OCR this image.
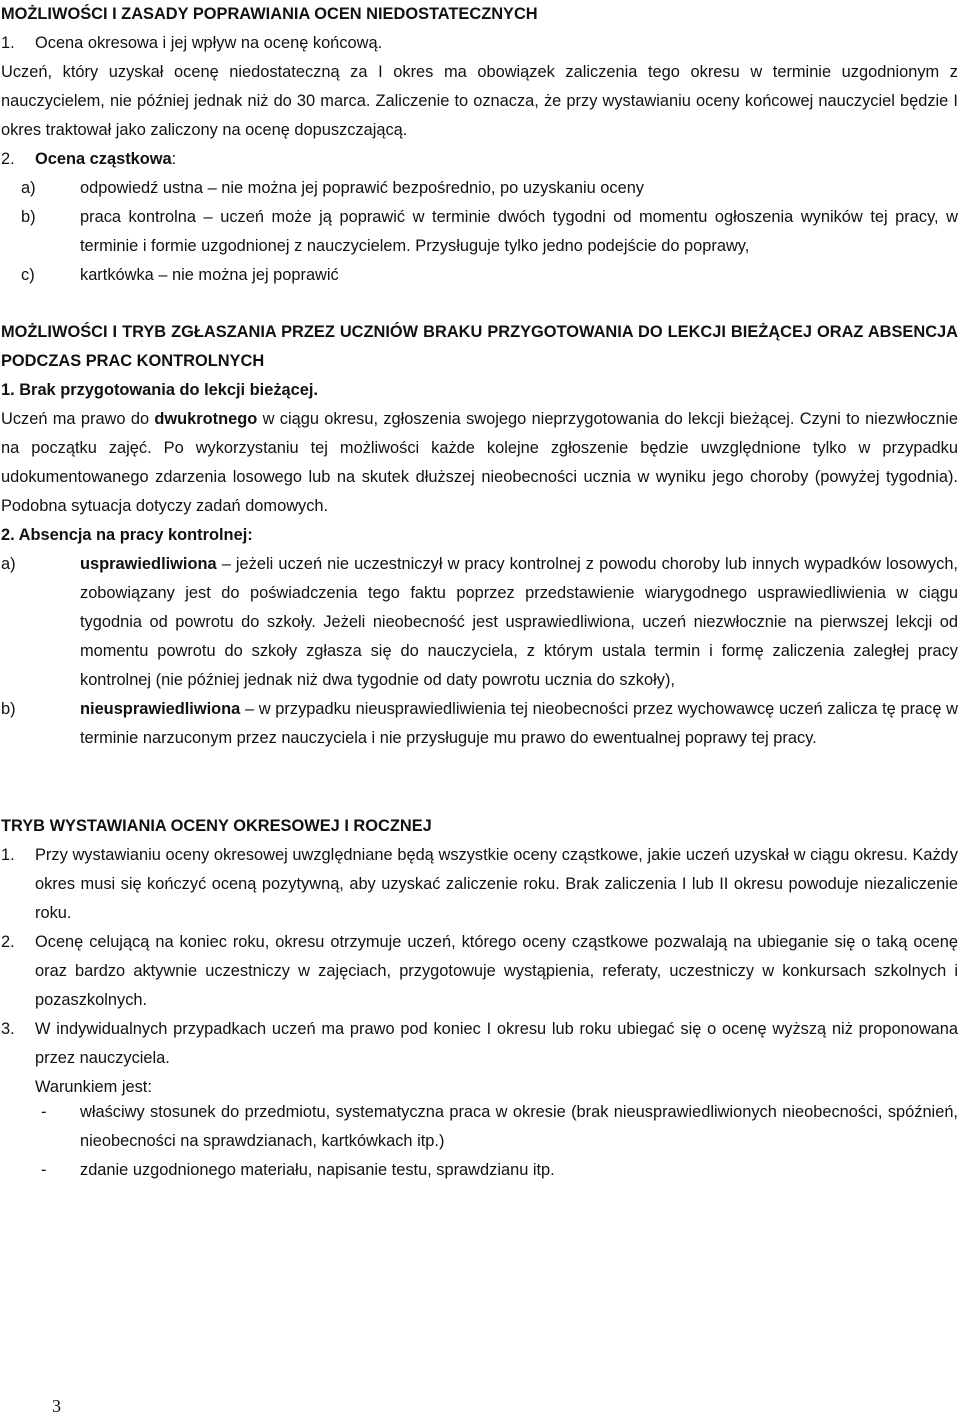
MOŻLIWOŚCI I ZASADY POPRAWIANIA OCEN NIEDOSTATECZNYCH

1. Ocena okresowa i jej wpływ na ocenę końcową.

Uczeń, który uzyskał ocenę niedostateczną za I okres ma obowiązek zaliczenia tego okresu w terminie uzgodnionym z nauczycielem, nie później jednak niż do 30 marca. Zaliczenie to oznacza, że przy wystawianiu oceny końcowej nauczyciel będzie I okres traktował jako zaliczony na ocenę dopuszczającą.

2. Ocena cząstkowa:

a)	odpowiedź ustna – nie można jej poprawić bezpośrednio, po uzyskaniu oceny

b)	praca kontrolna – uczeń może ją poprawić w terminie dwóch tygodni od momentu ogłoszenia wyników tej pracy, w terminie i formie uzgodnionej z nauczycielem. Przysługuje tylko jedno podejście do poprawy,

c)	kartkówka – nie można jej poprawić

MOŻLIWOŚCI I TRYB ZGŁASZANIA PRZEZ UCZNIÓW BRAKU PRZYGOTOWANIA DO LEKCJI BIEŻĄCEJ ORAZ ABSENCJA PODCZAS PRAC KONTROLNYCH

1. Brak przygotowania do lekcji bieżącej.

Uczeń ma prawo do dwukrotnego w ciągu okresu, zgłoszenia swojego nieprzygotowania do lekcji bieżącej. Czyni to niezwłocznie na początku zajęć. Po wykorzystaniu tej możliwości każde kolejne zgłoszenie będzie uwzględnione tylko w przypadku udokumentowanego zdarzenia losowego lub na skutek dłuższej nieobecności ucznia w wyniku jego choroby (powyżej tygodnia). Podobna sytuacja dotyczy zadań domowych.

2. Absencja na pracy kontrolnej:

a)	usprawiedliwiona – jeżeli uczeń nie uczestniczył w pracy kontrolnej z powodu choroby lub innych wypadków losowych, zobowiązany jest do poświadczenia tego faktu poprzez przedstawienie wiarygodnego usprawiedliwienia w ciągu tygodnia od powrotu do szkoły. Jeżeli nieobecność jest usprawiedliwiona, uczeń niezwłocznie na pierwszej lekcji od momentu powrotu do szkoły zgłasza się do nauczyciela, z którym ustala termin i formę zaliczenia zaległej pracy kontrolnej (nie później jednak niż dwa tygodnie od daty powrotu ucznia do szkoły),

b)	nieusprawiedliwiona – w przypadku nieusprawiedliwienia tej nieobecności przez wychowawcę uczeń zalicza tę pracę w terminie narzuconym przez nauczyciela i nie przysługuje mu prawo do ewentualnej poprawy tej pracy.

TRYB WYSTAWIANIA OCENY OKRESOWEJ I ROCZNEJ

1. Przy wystawianiu oceny okresowej uwzględniane będą wszystkie oceny cząstkowe, jakie uczeń uzyskał w ciągu okresu. Każdy okres musi się kończyć oceną pozytywną, aby uzyskać zaliczenie roku. Brak zaliczenia I lub II okresu powoduje niezaliczenie roku.

2. Ocenę celującą na koniec roku, okresu otrzymuje uczeń, którego oceny cząstkowe pozwalają na ubieganie się o taką ocenę oraz bardzo aktywnie uczestniczy w zajęciach, przygotowuje wystąpienia, referaty, uczestniczy w konkursach szkolnych i pozaszkolnych.

3. W indywidualnych przypadkach uczeń ma prawo pod koniec I okresu lub roku ubiegać się o ocenę wyższą niż proponowana przez nauczyciela.

Warunkiem jest:

- właściwy stosunek do przedmiotu, systematyczna praca w okresie (brak nieusprawiedliwionych nieobecności, spóźnień, nieobecności na sprawdzianach, kartkówkach itp.)

- zdanie uzgodnionego materiału, napisanie testu, sprawdzianu itp.

3
